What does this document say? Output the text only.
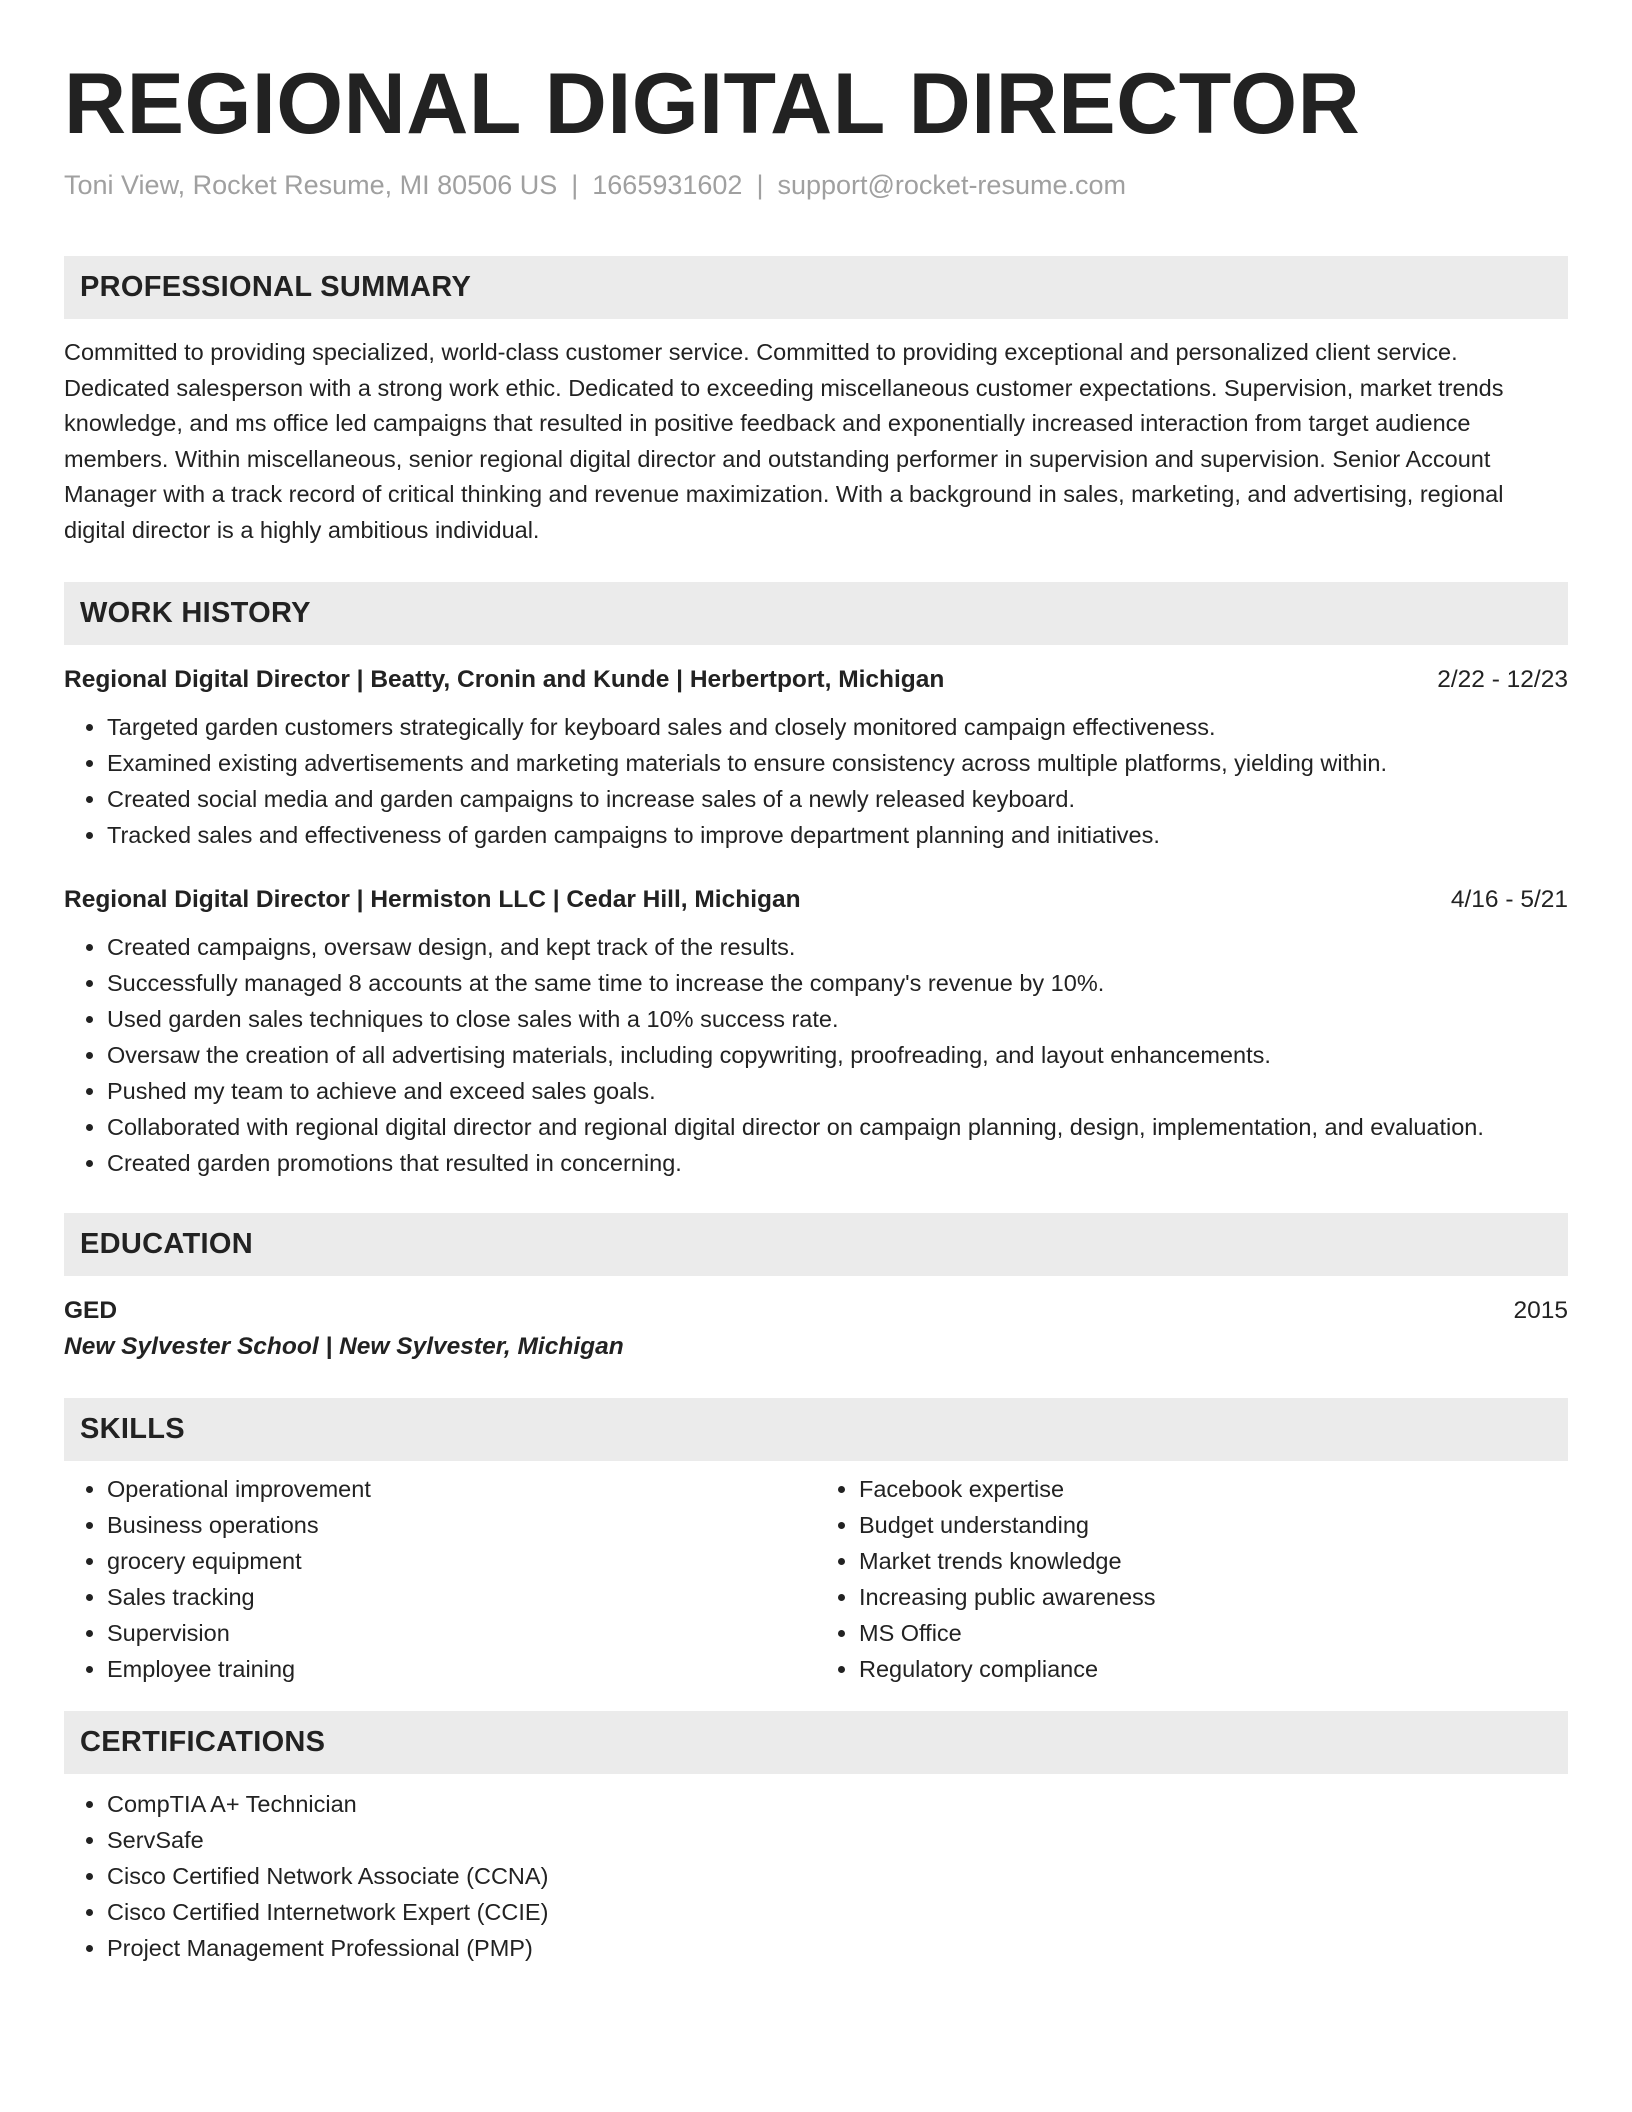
REGIONAL DIGITAL DIRECTOR
Toni View, Rocket Resume, MI 80506 US | 1665931602 | support@rocket-resume.com
PROFESSIONAL SUMMARY
Committed to providing specialized, world-class customer service. Committed to providing exceptional and personalized client service. Dedicated salesperson with a strong work ethic. Dedicated to exceeding miscellaneous customer expectations. Supervision, market trends knowledge, and ms office led campaigns that resulted in positive feedback and exponentially increased interaction from target audience members. Within miscellaneous, senior regional digital director and outstanding performer in supervision and supervision. Senior Account Manager with a track record of critical thinking and revenue maximization. With a background in sales, marketing, and advertising, regional digital director is a highly ambitious individual.
WORK HISTORY
Regional Digital Director | Beatty, Cronin and Kunde | Herbertport, Michigan	2/22 - 12/23
• Targeted garden customers strategically for keyboard sales and closely monitored campaign effectiveness.
• Examined existing advertisements and marketing materials to ensure consistency across multiple platforms, yielding within.
• Created social media and garden campaigns to increase sales of a newly released keyboard.
• Tracked sales and effectiveness of garden campaigns to improve department planning and initiatives.
Regional Digital Director | Hermiston LLC | Cedar Hill, Michigan	4/16 - 5/21
• Created campaigns, oversaw design, and kept track of the results.
• Successfully managed 8 accounts at the same time to increase the company's revenue by 10%.
• Used garden sales techniques to close sales with a 10% success rate.
• Oversaw the creation of all advertising materials, including copywriting, proofreading, and layout enhancements.
• Pushed my team to achieve and exceed sales goals.
• Collaborated with regional digital director and regional digital director on campaign planning, design, implementation, and evaluation.
• Created garden promotions that resulted in concerning.
EDUCATION
GED	2015
New Sylvester School | New Sylvester, Michigan
SKILLS
• Operational improvement
• Business operations
• grocery equipment
• Sales tracking
• Supervision
• Employee training
• Facebook expertise
• Budget understanding
• Market trends knowledge
• Increasing public awareness
• MS Office
• Regulatory compliance
CERTIFICATIONS
• CompTIA A+ Technician
• ServSafe
• Cisco Certified Network Associate (CCNA)
• Cisco Certified Internetwork Expert (CCIE)
• Project Management Professional (PMP)
